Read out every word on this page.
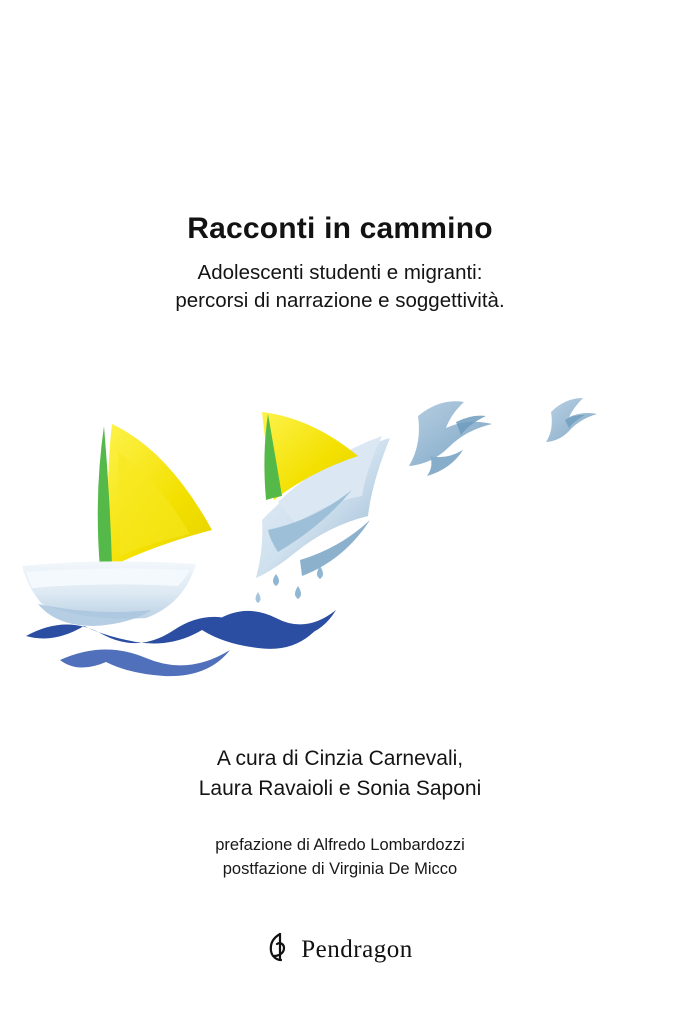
Racconti in cammino

Adolescenti studenti e migranti:

percorsi di narrazione e soggettività.

A cura di Cinzia Carnevali,

Laura Ravaioli e Sonia Saponi

prefazione di Alfredo Lombardozzi

postfazione di Virginia De Micco

Pendragon
